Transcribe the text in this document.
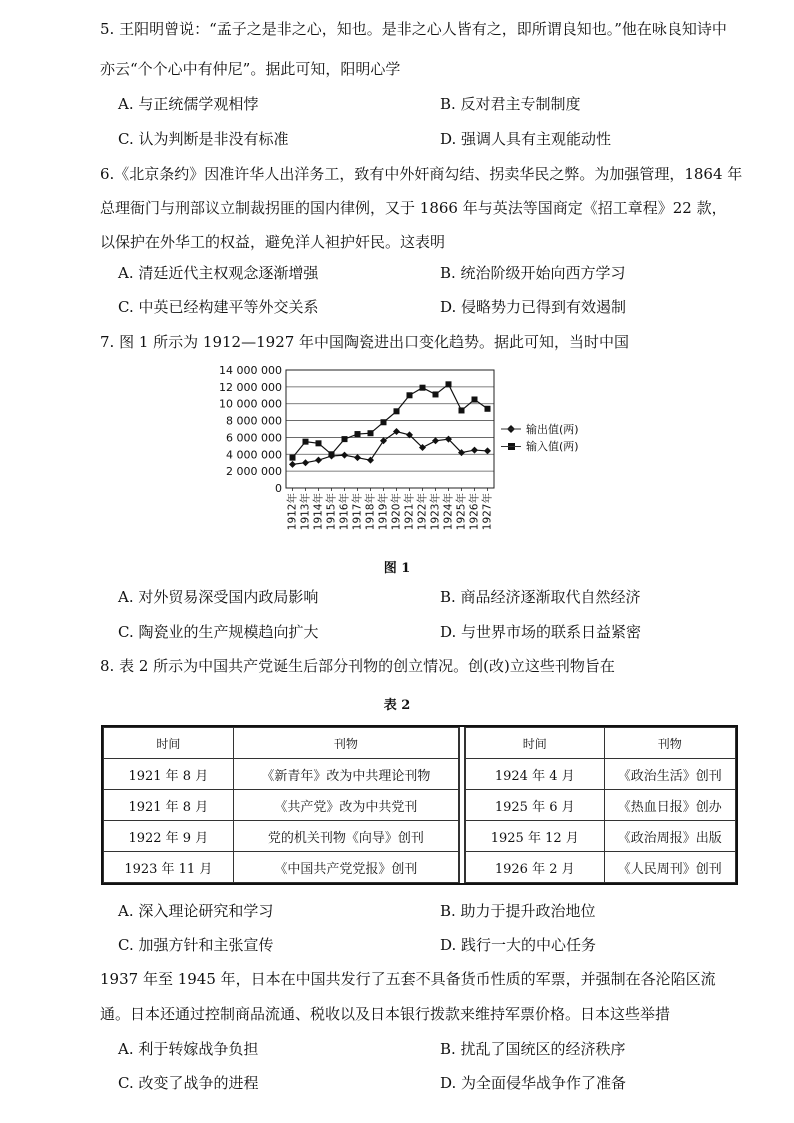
5. 王阳明曾说：“孟子之是非之心，知也。是非之心人皆有之，即所谓良知也。”他在咏良知诗中
亦云“个个心中有仲尼”。据此可知，阳明心学
A. 与正统儒学观相悖	B. 反对君主专制制度
C. 认为判断是非没有标准	D. 强调人具有主观能动性
6.《北京条约》因准许华人出洋务工，致有中外奸商勾结、拐卖华民之弊。为加强管理，1864 年
总理衙门与刑部议立制裁拐匪的国内律例，又于 1866 年与英法等国商定《招工章程》22 款，
以保护在外华工的权益，避免洋人袒护奸民。这表明
A. 清廷近代主权观念逐渐增强	B. 统治阶级开始向西方学习
C. 中英已经构建平等外交关系	D. 侵略势力已得到有效遏制
7. 图 1 所示为 1912—1927 年中国陶瓷进出口变化趋势。据此可知，当时中国
14 000 000
12 000 000
10 000 000
8 000 000
6 000 000
4 000 000
2 000 000
0
1912年 1913年 1914年 1915年 1916年 1917年 1918年 1919年 1920年 1921年 1922年 1923年 1924年 1925年 1926年 1927年
输出值(两)
输入值(两)
图 1
A. 对外贸易深受国内政局影响	B. 商品经济逐渐取代自然经济
C. 陶瓷业的生产规模趋向扩大	D. 与世界市场的联系日益紧密
8. 表 2 所示为中国共产党诞生后部分刊物的创立情况。创(改)立这些刊物旨在
表 2
时间	刊物
1921 年 8 月	《新青年》改为中共理论刊物
1921 年 8 月	《共产党》改为中共党刊
1922 年 9 月	党的机关刊物《向导》创刊
1923 年 11 月	《中国共产党党报》创刊
时间	刊物
1924 年 4 月	《政治生活》创刊
1925 年 6 月	《热血日报》创办
1925 年 12 月	《政治周报》出版
1926 年 2 月	《人民周刊》创刊
A. 深入理论研究和学习	B. 助力于提升政治地位
C. 加强方针和主张宣传	D. 践行一大的中心任务
1937 年至 1945 年，日本在中国共发行了五套不具备货币性质的军票，并强制在各沦陷区流
通。日本还通过控制商品流通、税收以及日本银行拨款来维持军票价格。日本这些举措
A. 利于转嫁战争负担	B. 扰乱了国统区的经济秩序
C. 改变了战争的进程	D. 为全面侵华战争作了准备
